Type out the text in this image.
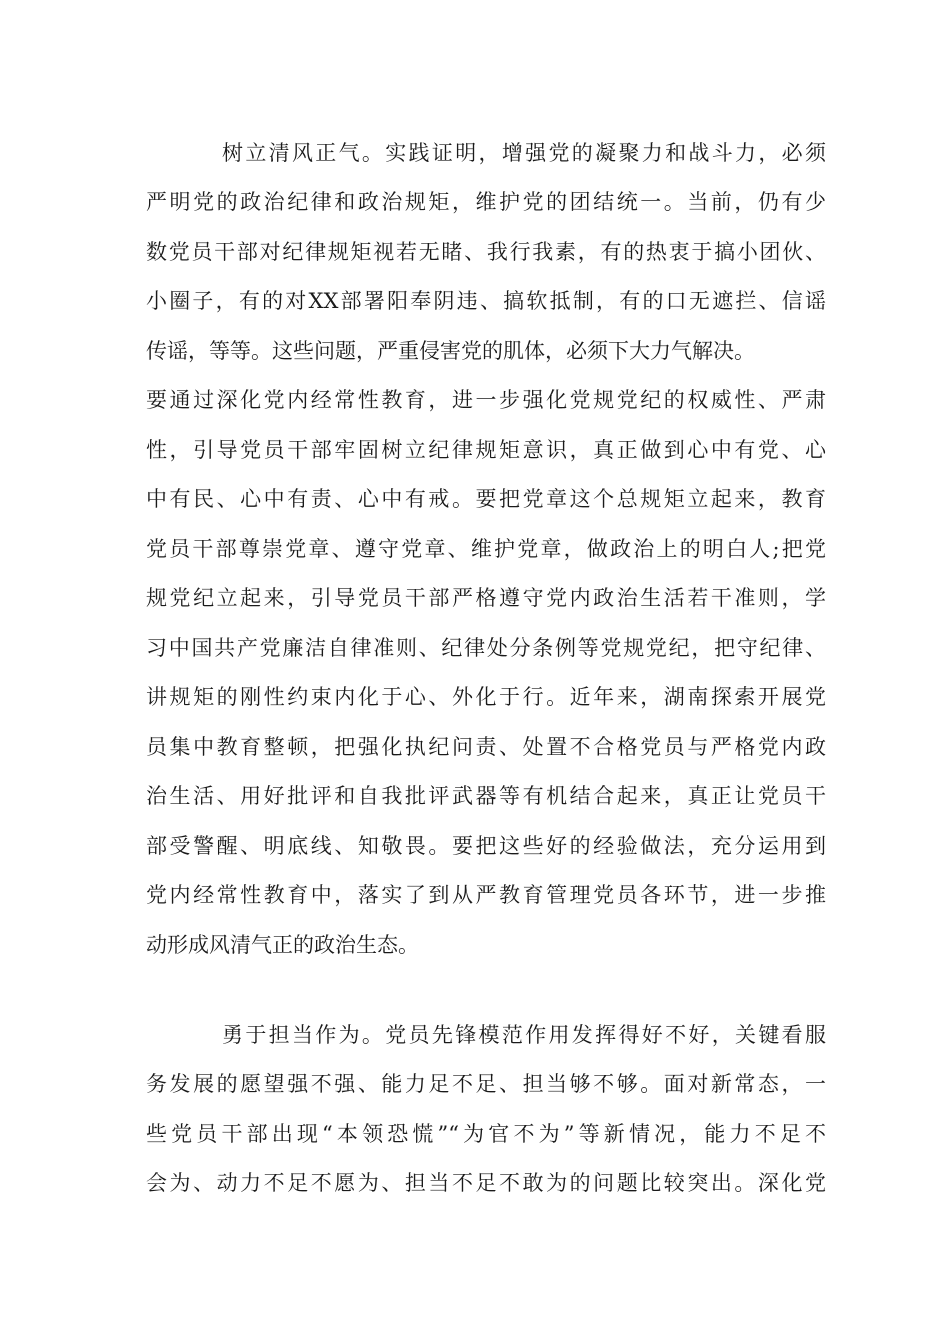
树立清风正气。实践证明，增强党的凝聚力和战斗力，必须
严明党的政治纪律和政治规矩，维护党的团结统一。当前，仍有少
数党员干部对纪律规矩视若无睹、我行我素，有的热衷于搞小团伙、
小圈子，有的对XX部署阳奉阴违、搞软抵制，有的口无遮拦、信谣
传谣，等等。这些问题，严重侵害党的肌体，必须下大力气解决。
要通过深化党内经常性教育，进一步强化党规党纪的权威性、严肃
性，引导党员干部牢固树立纪律规矩意识，真正做到心中有党、心
中有民、心中有责、心中有戒。要把党章这个总规矩立起来，教育
党员干部尊崇党章、遵守党章、维护党章，做政治上的明白人;把党
规党纪立起来，引导党员干部严格遵守党内政治生活若干准则，学
习中国共产党廉洁自律准则、纪律处分条例等党规党纪，把守纪律、
讲规矩的刚性约束内化于心、外化于行。近年来，湖南探索开展党
员集中教育整顿，把强化执纪问责、处置不合格党员与严格党内政
治生活、用好批评和自我批评武器等有机结合起来，真正让党员干
部受警醒、明底线、知敬畏。要把这些好的经验做法，充分运用到
党内经常性教育中，落实了到从严教育管理党员各环节，进一步推
动形成风清气正的政治生态。
勇于担当作为。党员先锋模范作用发挥得好不好，关键看服
务发展的愿望强不强、能力足不足、担当够不够。面对新常态，一
些党员干部出现“本领恐慌”“为官不为”等新情况，能力不足不
会为、动力不足不愿为、担当不足不敢为的问题比较突出。深化党
